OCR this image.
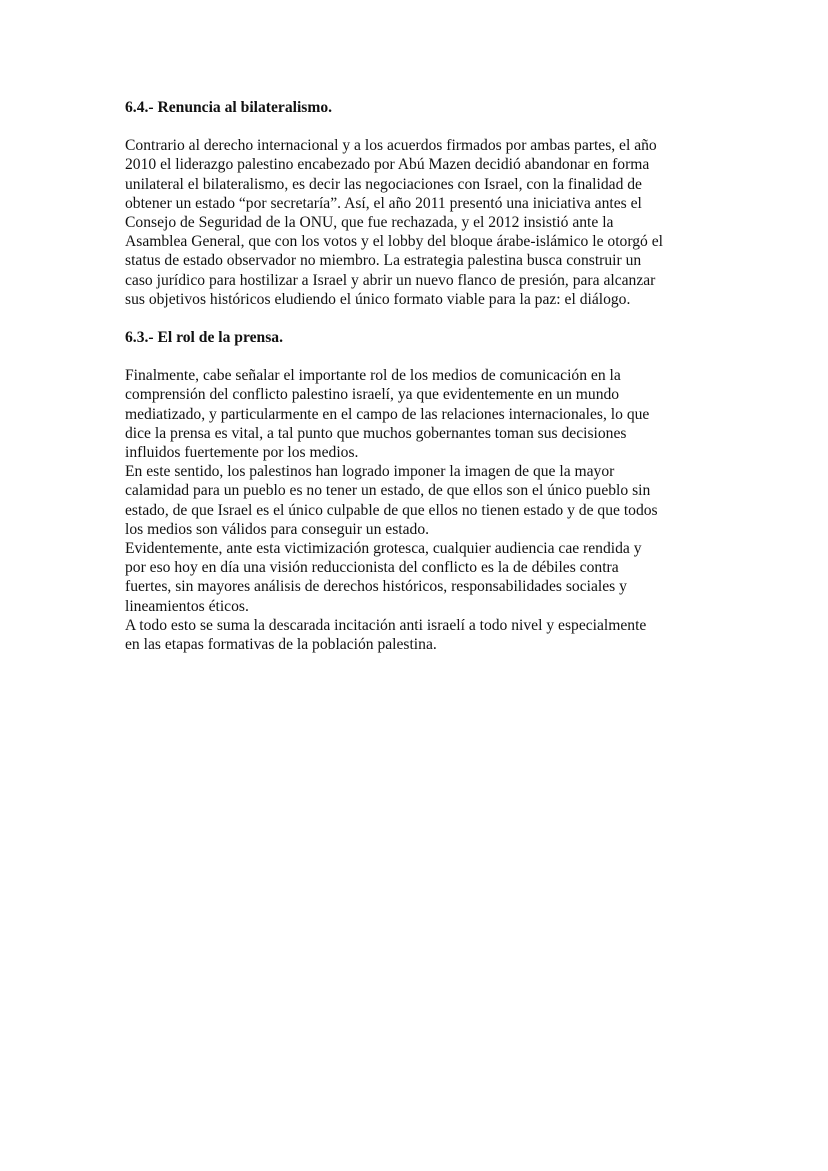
6.4.- Renuncia al bilateralismo.
Contrario al derecho internacional y a los acuerdos firmados por ambas partes, el año
2010 el liderazgo palestino encabezado por Abú Mazen decidió abandonar en forma
unilateral el bilateralismo, es decir las negociaciones con Israel, con la finalidad de
obtener un estado “por secretaría”. Así, el año 2011 presentó una iniciativa antes el
Consejo de Seguridad de la ONU, que fue rechazada, y el 2012 insistió ante la
Asamblea General, que con los votos y el lobby del bloque árabe-islámico le otorgó el
status de estado observador no miembro. La estrategia palestina busca construir un
caso jurídico para hostilizar a Israel y abrir un nuevo flanco de presión, para alcanzar
sus objetivos históricos eludiendo el único formato viable para la paz: el diálogo.
6.3.- El rol de la prensa.
Finalmente, cabe señalar el importante rol de los medios de comunicación en la
comprensión del conflicto palestino israelí, ya que evidentemente en un mundo
mediatizado, y particularmente en el campo de las relaciones internacionales, lo que
dice la prensa es vital, a tal punto que muchos gobernantes toman sus decisiones
influidos fuertemente por los medios.
En este sentido, los palestinos han logrado imponer la imagen de que la mayor
calamidad para un pueblo es no tener un estado, de que ellos son el único pueblo sin
estado, de que Israel es el único culpable de que ellos no tienen estado y de que todos
los medios son válidos para conseguir un estado.
Evidentemente, ante esta victimización grotesca, cualquier audiencia cae rendida y
por eso hoy en día una visión reduccionista del conflicto es la de débiles contra
fuertes, sin mayores análisis de derechos históricos, responsabilidades sociales y
lineamientos éticos.
A todo esto se suma la descarada incitación anti israelí a todo nivel y especialmente
en las etapas formativas de la población palestina.
